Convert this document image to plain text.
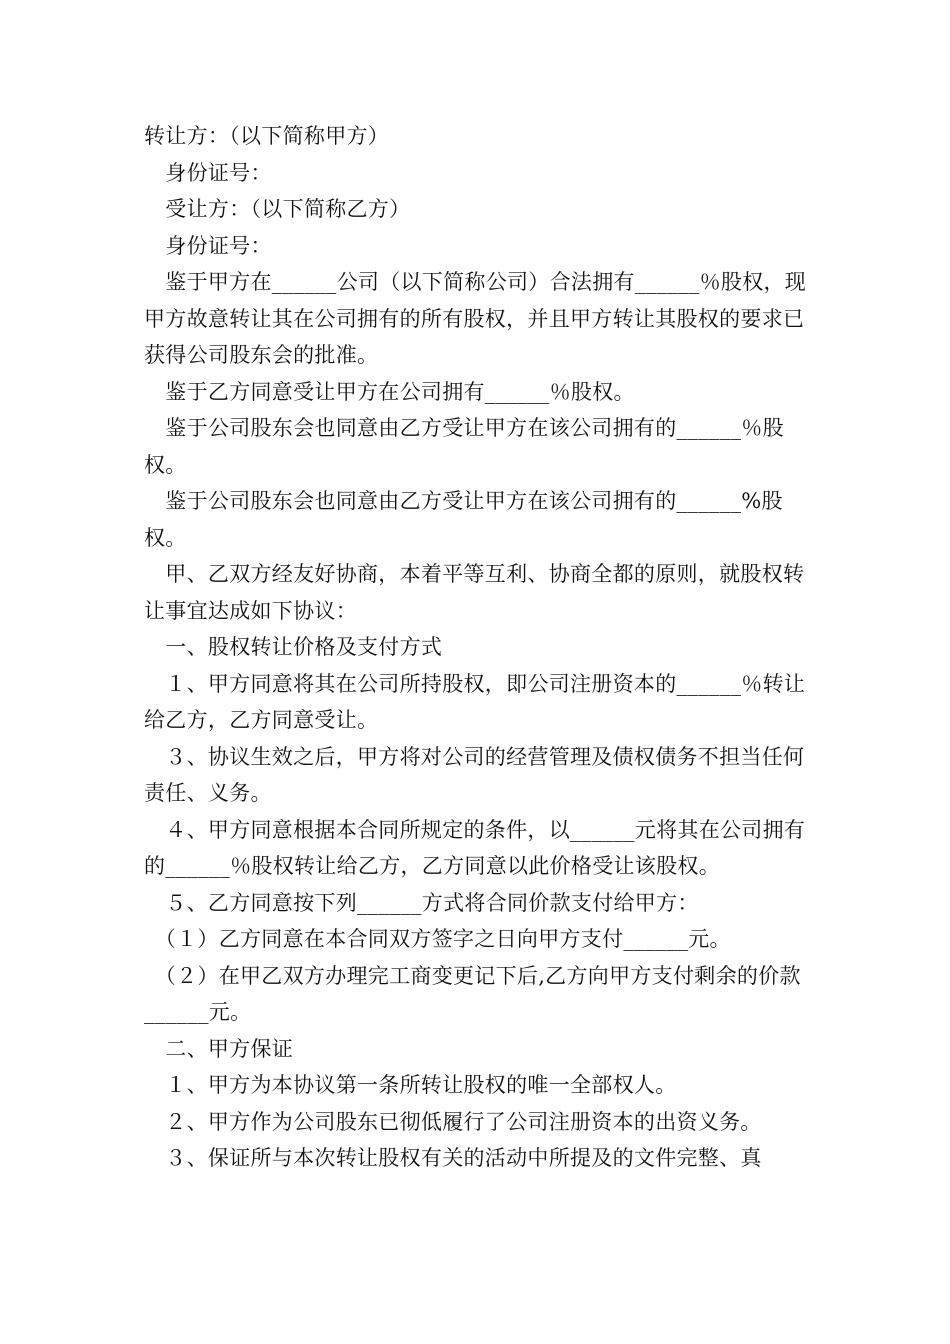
转让方：（以下简称甲方）

　身份证号：

　受让方：（以下简称乙方）

　身份证号：

　鉴于甲方在______公司（以下简称公司）合法拥有______％股权，现甲方故意转让其在公司拥有的所有股权，并且甲方转让其股权的要求已获得公司股东会的批准。

　鉴于乙方同意受让甲方在公司拥有______％股权。

　鉴于公司股东会也同意由乙方受让甲方在该公司拥有的______％股权。

　鉴于公司股东会也同意由乙方受让甲方在该公司拥有的______%股权。

　甲、乙双方经友好协商，本着平等互利、协商全都的原则，就股权转让事宜达成如下协议：

　一、股权转让价格及支付方式

　１、甲方同意将其在公司所持股权，即公司注册资本的______％转让给乙方，乙方同意受让。

　３、协议生效之后，甲方将对公司的经营管理及债权债务不担当任何责任、义务。

　４、甲方同意根据本合同所规定的条件，以______元将其在公司拥有的______％股权转让给乙方，乙方同意以此价格受让该股权。

　５、乙方同意按下列______方式将合同价款支付给甲方：

　（１）乙方同意在本合同双方签字之日向甲方支付______元。

　（２）在甲乙双方办理完工商变更记下后,乙方向甲方支付剩余的价款______元。

　二、甲方保证

　１、甲方为本协议第一条所转让股权的唯一全部权人。

　２、甲方作为公司股东已彻低履行了公司注册资本的出资义务。

　３、保证所与本次转让股权有关的活动中所提及的文件完整、真
